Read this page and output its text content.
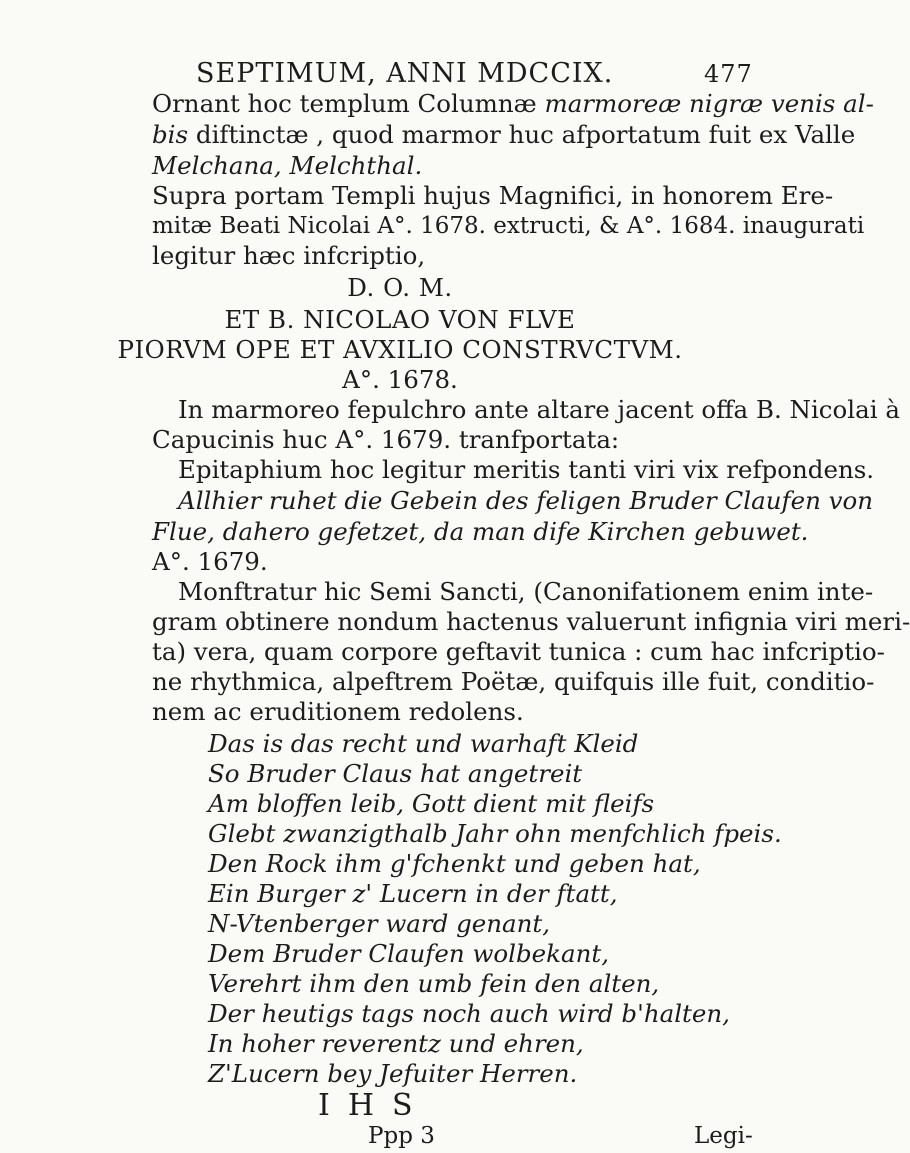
SEPTIMUM, ANNI MDCCIX.	477
Ornant hoc templum Columnæ marmoreæ nigræ venis al-
bis diftinctæ , quod marmor huc afportatum fuit ex Valle
Melchana, Melchthal.
Supra portam Templi hujus Magnifici, in honorem Ere-
mitæ Beati Nicolai A°. 1678. extructi, & A°. 1684. inaugurati
legitur hæc infcriptio,
D. O. M.
ET B. NICOLAO VON FLVE
PIORVM OPE ET AVXILIO CONSTRVCTVM.
A°. 1678.
In marmoreo fepulchro ante altare jacent offa B. Nicolai à
Capucinis huc A°. 1679. tranfportata:
Epitaphium hoc legitur meritis tanti viri vix refpondens.
Allhier ruhet die Gebein des feligen Bruder Claufen von
Flue, dahero gefetzet, da man dife Kirchen gebuwet.
A°. 1679.
Monftratur hic Semi Sancti, (Canonifationem enim inte-
gram obtinere nondum hactenus valuerunt infignia viri meri-
ta) vera, quam corpore geftavit tunica : cum hac infcriptio-
ne rhythmica, alpeftrem Poëtæ, quifquis ille fuit, conditio-
nem ac eruditionem redolens.
Das is das recht und warhaft Kleid
So Bruder Claus hat angetreit
Am bloffen leib, Gott dient mit fleifs
Glebt zwanzigthalb Jahr ohn menfchlich fpeis.
Den Rock ihm g'fchenkt und geben hat,
Ein Burger z' Lucern in der ftatt,
N-Vtenberger ward genant,
Dem Bruder Claufen wolbekant,
Verehrt ihm den umb fein den alten,
Der heutigs tags noch auch wird b'halten,
In hoher reverentz und ehren,
Z'Lucern bey Jefuiter Herren.
IHS
Ppp 3	Legi-
